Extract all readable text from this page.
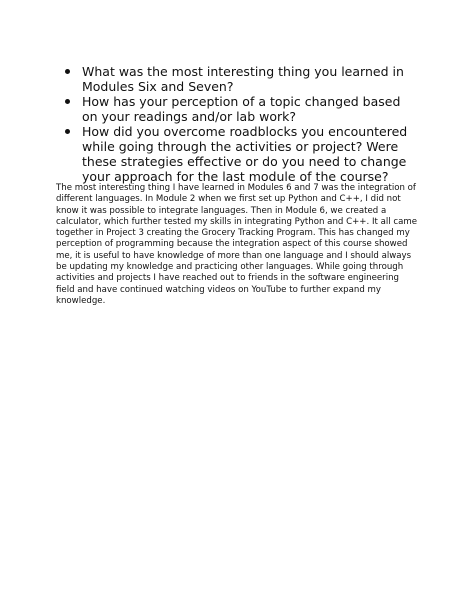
What was the most interesting thing you learned in Modules Six and Seven?
How has your perception of a topic changed based on your readings and/or lab work?
How did you overcome roadblocks you encountered while going through the activities or project? Were these strategies effective or do you need to change your approach for the last module of the course?

The most interesting thing I have learned in Modules 6 and 7 was the integration of different languages. In Module 2 when we first set up Python and C++, I did not know it was possible to integrate languages. Then in Module 6, we created a calculator, which further tested my skills in integrating Python and C++. It all came together in Project 3 creating the Grocery Tracking Program. This has changed my perception of programming because the integration aspect of this course showed me, it is useful to have knowledge of more than one language and I should always be updating my knowledge and practicing other languages. While going through activities and projects I have reached out to friends in the software engineering field and have continued watching videos on YouTube to further expand my knowledge.
